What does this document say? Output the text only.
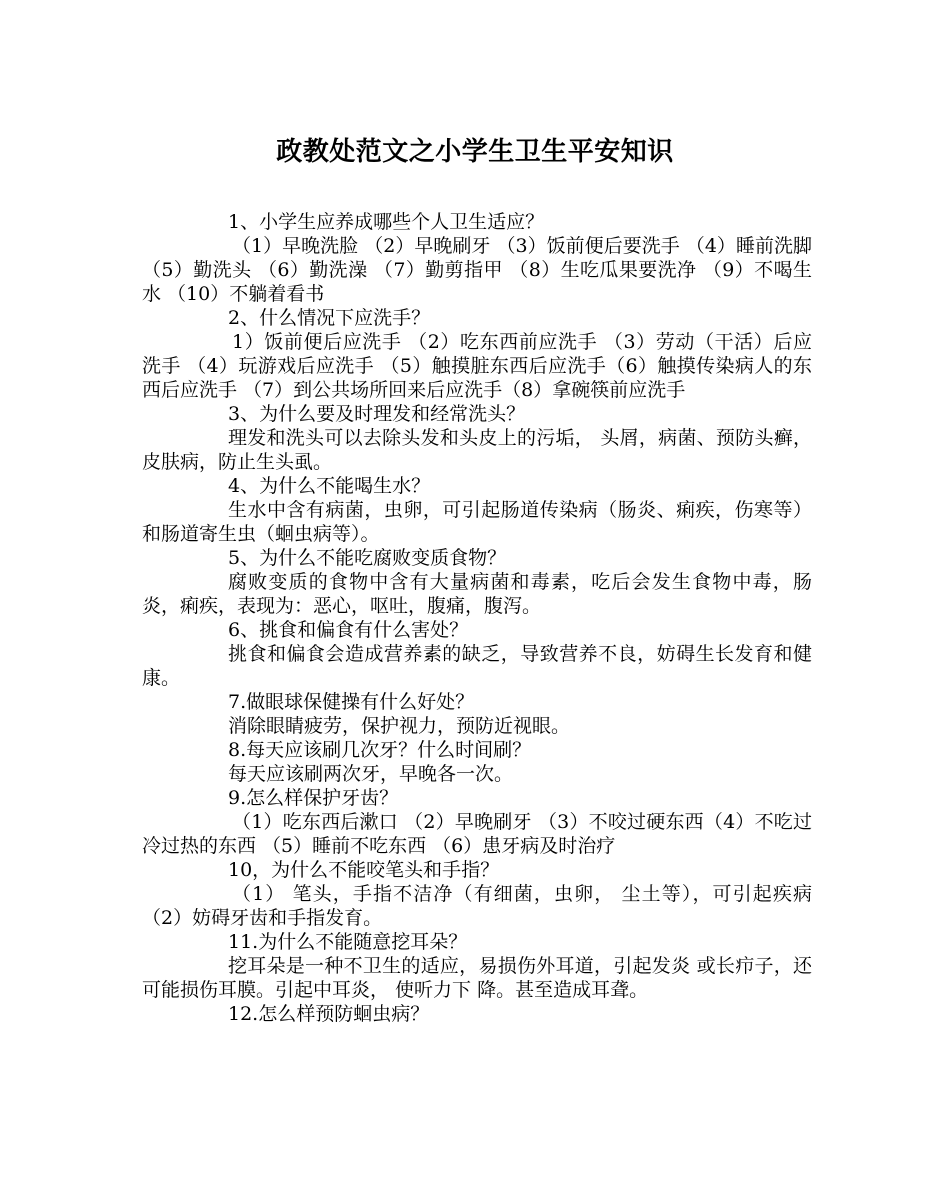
政教处范文之小学生卫生平安知识

1、小学生应养成哪些个人卫生适应？

（1）早晚洗脸 （2）早晚刷牙 （3）饭前便后要洗手 （4）睡前洗脚 （5）勤洗头 （6）勤洗澡 （7）勤剪指甲 （8）生吃瓜果要洗净 （9）不喝生水 （10）不躺着看书

2、什么情况下应洗手？

1）饭前便后应洗手 （2）吃东西前应洗手 （3）劳动（干活）后应洗手 （4）玩游戏后应洗手 （5）触摸脏东西后应洗手（6）触摸传染病人的东西后应洗手 （7）到公共场所回来后应洗手（8）拿碗筷前应洗手

3、为什么要及时理发和经常洗头？

理发和洗头可以去除头发和头皮上的污垢， 头屑，病菌、预防头癣，皮肤病，防止生头虱。

4、为什么不能喝生水？

生水中含有病菌，虫卵，可引起肠道传染病（肠炎、痢疾，伤寒等）和肠道寄生虫（蛔虫病等）。

5、为什么不能吃腐败变质食物？

腐败变质的食物中含有大量病菌和毒素，吃后会发生食物中毒，肠炎，痢疾，表现为：恶心，呕吐，腹痛，腹泻。

6、挑食和偏食有什么害处？

挑食和偏食会造成营养素的缺乏，导致营养不良，妨碍生长发育和健康。

7.做眼球保健操有什么好处？

消除眼睛疲劳，保护视力，预防近视眼。

8.每天应该刷几次牙？什么时间刷？

每天应该刷两次牙，早晚各一次。

9.怎么样保护牙齿？

（1）吃东西后漱口 （2）早晚刷牙 （3）不咬过硬东西（4）不吃过冷过热的东西 （5）睡前不吃东西 （6）患牙病及时治疗

10，为什么不能咬笔头和手指？

（1） 笔头，手指不洁净（有细菌，虫卵， 尘土等），可引起疾病 （2）妨碍牙齿和手指发育。

11.为什么不能随意挖耳朵？

挖耳朵是一种不卫生的适应，易损伤外耳道，引起发炎 或长疖子，还可能损伤耳膜。引起中耳炎， 使听力下 降。甚至造成耳聋。

12.怎么样预防蛔虫病？
